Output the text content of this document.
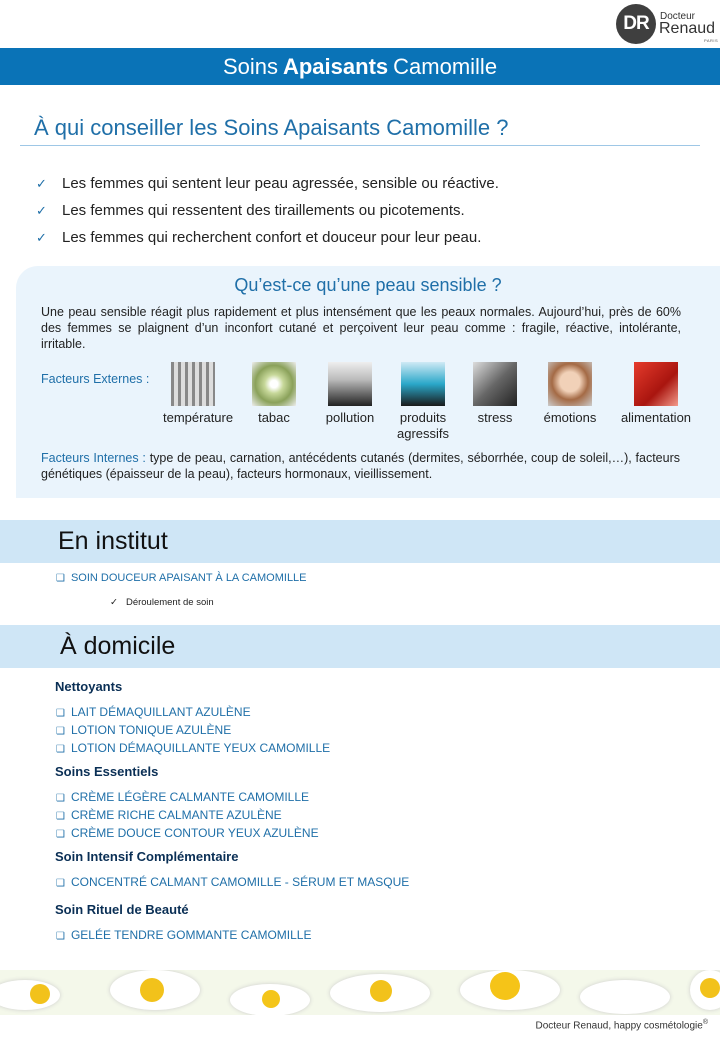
DR	Docteur
Renaud
PARIS
Soins Apaisants Camomille
À qui conseiller les Soins Apaisants Camomille ?
✓	Les femmes qui sentent leur peau agressée, sensible ou réactive.
✓	Les femmes qui ressentent des tiraillements ou picotements.
✓	Les femmes qui recherchent confort et douceur pour leur peau.
Qu’est-ce qu’une peau sensible ?
Une peau sensible réagit plus rapidement et plus intensément que les peaux normales. Aujourd’hui, près de 60% des femmes se plaignent d’un inconfort cutané et perçoivent leur peau comme : fragile, réactive, intolérante, irritable.
Facteurs Externes :
température	tabac	pollution	produits agressifs
stress	émotions	alimentation
Facteurs Internes : type de peau, carnation, antécédents cutanés (dermites, séborrhée, coup de soleil,…), facteurs génétiques (épaisseur de la peau), facteurs hormonaux, vieillissement.
En institut
❑ SOIN DOUCEUR APAISANT À LA CAMOMILLE
✓ Déroulement de soin
À domicile
Nettoyants
❑ LAIT DÉMAQUILLANT AZULÈNE
❑ LOTION TONIQUE AZULÈNE
❑ LOTION DÉMAQUILLANTE YEUX CAMOMILLE
Soins Essentiels
❑ CRÈME LÉGÈRE CALMANTE CAMOMILLE
❑ CRÈME RICHE CALMANTE AZULÈNE
❑ CRÈME DOUCE CONTOUR YEUX AZULÈNE
Soin Intensif Complémentaire
❑ CONCENTRÉ CALMANT CAMOMILLE - SÉRUM ET MASQUE
Soin Rituel de Beauté
❑ GELÉE TENDRE GOMMANTE CAMOMILLE
Docteur Renaud, happy cosmétologie®
